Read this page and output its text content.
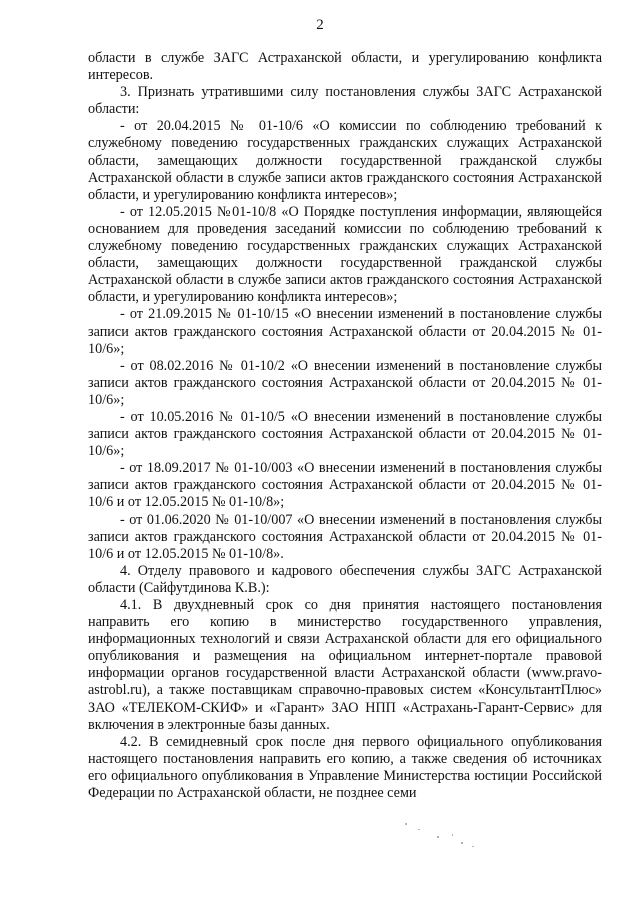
2

области в службе ЗАГС Астраханской области, и урегулированию конфликта интересов.

3. Признать утратившими силу постановления службы ЗАГС Астраханской области:

- от 20.04.2015 № 01-10/6 «О комиссии по соблюдению требований к служебному поведению государственных гражданских служащих Астраханской области, замещающих должности государственной гражданской службы Астраханской области в службе записи актов гражданского состояния Астраханской области, и урегулированию конфликта интересов»;

- от 12.05.2015 №01-10/8 «О Порядке поступления информации, являющейся основанием для проведения заседаний комиссии по соблюдению требований к служебному поведению государственных гражданских служащих Астраханской области, замещающих должности государственной гражданской службы Астраханской области в службе записи актов гражданского состояния Астраханской области, и урегулированию конфликта интересов»;

- от 21.09.2015 № 01-10/15 «О внесении изменений в постановление службы записи актов гражданского состояния Астраханской области от 20.04.2015 № 01-10/6»;

- от 08.02.2016 № 01-10/2 «О внесении изменений в постановление службы записи актов гражданского состояния Астраханской области от 20.04.2015 № 01-10/6»;

- от 10.05.2016 № 01-10/5 «О внесении изменений в постановление службы записи актов гражданского состояния Астраханской области от 20.04.2015 № 01-10/6»;

- от 18.09.2017 № 01-10/003 «О внесении изменений в постановления службы записи актов гражданского состояния Астраханской области от 20.04.2015 № 01-10/6 и от 12.05.2015 № 01-10/8»;

- от 01.06.2020 № 01-10/007 «О внесении изменений в постановления службы записи актов гражданского состояния Астраханской области от 20.04.2015 № 01-10/6 и от 12.05.2015 № 01-10/8».

4. Отделу правового и кадрового обеспечения службы ЗАГС Астраханской области (Сайфутдинова К.В.):

4.1. В двухдневный срок со дня принятия настоящего постановления направить его копию в министерство государственного управления, информационных технологий и связи Астраханской области для его официального опубликования и размещения на официальном интернет-портале правовой информации органов государственной власти Астраханской области (www.pravo-astrobl.ru), а также поставщикам справочно-правовых систем «КонсультантПлюс» ЗАО «ТЕЛЕКОМ-СКИФ» и «Гарант» ЗАО НПП «Астрахань-Гарант-Сервис» для включения в электронные базы данных.

4.2. В семидневный срок после дня первого официального опубликования настоящего постановления направить его копию, а также сведения об источниках его официального опубликования в Управление Министерства юстиции Российской Федерации по Астраханской области, не позднее семи
